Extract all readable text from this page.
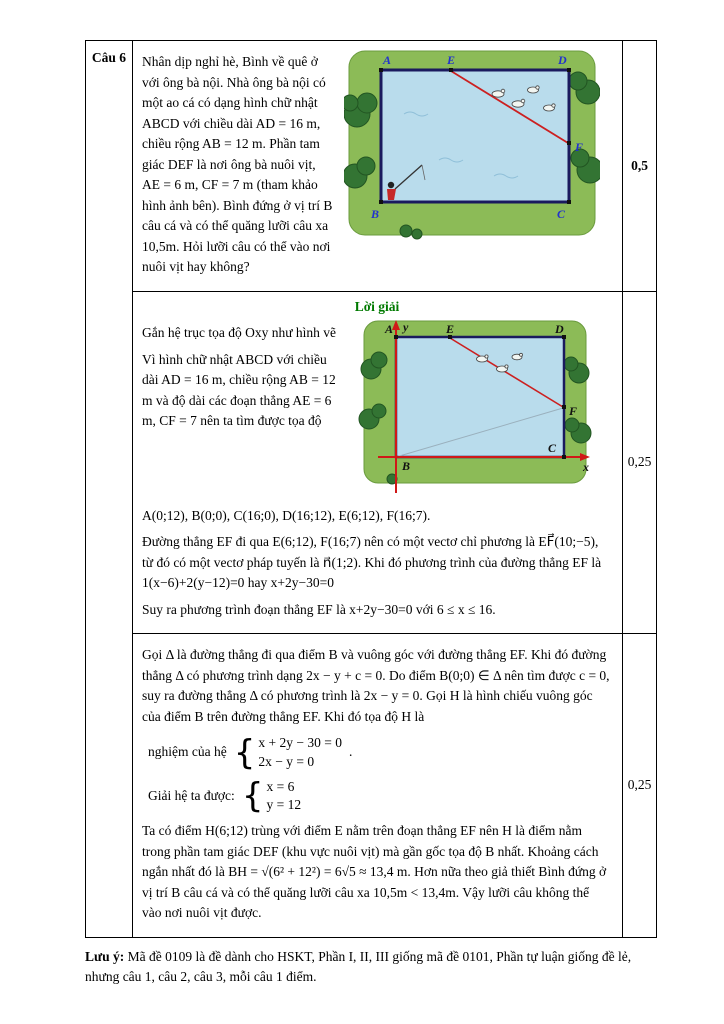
Câu 6	A	E	D
B	C
F

Nhân dịp nghỉ hè, Bình về quê ở với ông bà nội. Nhà ông bà nội có một ao cá có dạng hình chữ nhật ABCD với chiều dài AD = 16 m, chiều rộng AB = 12 m. Phần tam giác DEF là nơi ông bà nuôi vịt, AE = 6 m, CF = 7 m (tham khảo hình ảnh bên). Bình đứng ở vị trí B câu cá và có thể quăng lưỡi câu xa 10,5m. Hỏi lưỡi câu có thể vào nơi nuôi vịt hay không?

	0,5

Lời giải
A	E	D
B
C
F
x
y

Gắn hệ trục tọa độ Oxy như hình vẽ

Vì hình chữ nhật ABCD với chiều dài AD = 16 m, chiều rộng AB = 12 m và độ dài các đoạn thẳng AE = 6 m, CF = 7 nên ta tìm được tọa độ

A(0;12), B(0;0), C(16;0), D(16;12), E(6;12), F(16;7).

Đường thẳng EF đi qua E(6;12), F(16;7) nên có một vectơ chỉ phương là EF⃗(10;−5), từ đó có một vectơ pháp tuyến là n⃗(1;2). Khi đó phương trình của đường thẳng EF là 1(x−6)+2(y−12)=0 hay x+2y−30=0

Suy ra phương trình đoạn thẳng EF là x+2y−30=0 với 6 ≤ x ≤ 16.

	0,25

Gọi Δ là đường thẳng đi qua điểm B và vuông góc với đường thẳng EF. Khi đó đường thẳng Δ có phương trình dạng 2x − y + c = 0. Do điểm B(0;0) ∈ Δ nên tìm được c = 0, suy ra đường thẳng Δ có phương trình là 2x − y = 0. Gọi H là hình chiếu vuông góc của điểm B trên đường thẳng EF. Khi đó tọa độ H là

nghiệm của hệ { x + 2y − 30 = 0
2x − y = 0
.
Giải hệ ta được: { x = 6
y = 12

Ta có điểm H(6;12) trùng với điểm E nằm trên đoạn thẳng EF nên H là điểm nằm trong phần tam giác DEF (khu vực nuôi vịt) mà gần gốc tọa độ B nhất. Khoảng cách ngắn nhất đó là BH = √(6² + 12²) = 6√5 ≈ 13,4 m. Hơn nữa theo giả thiết Bình đứng ở vị trí B câu cá và có thể quăng lưỡi câu xa 10,5m < 13,4m. Vậy lưỡi câu không thể vào nơi nuôi vịt được.

	0,25

Lưu ý: Mã đề 0109 là đề dành cho HSKT, Phần I, II, III giống mã đề 0101, Phần tự luận giống đề lẻ, nhưng câu 1, câu 2, câu 3, mỗi câu 1 điểm.
